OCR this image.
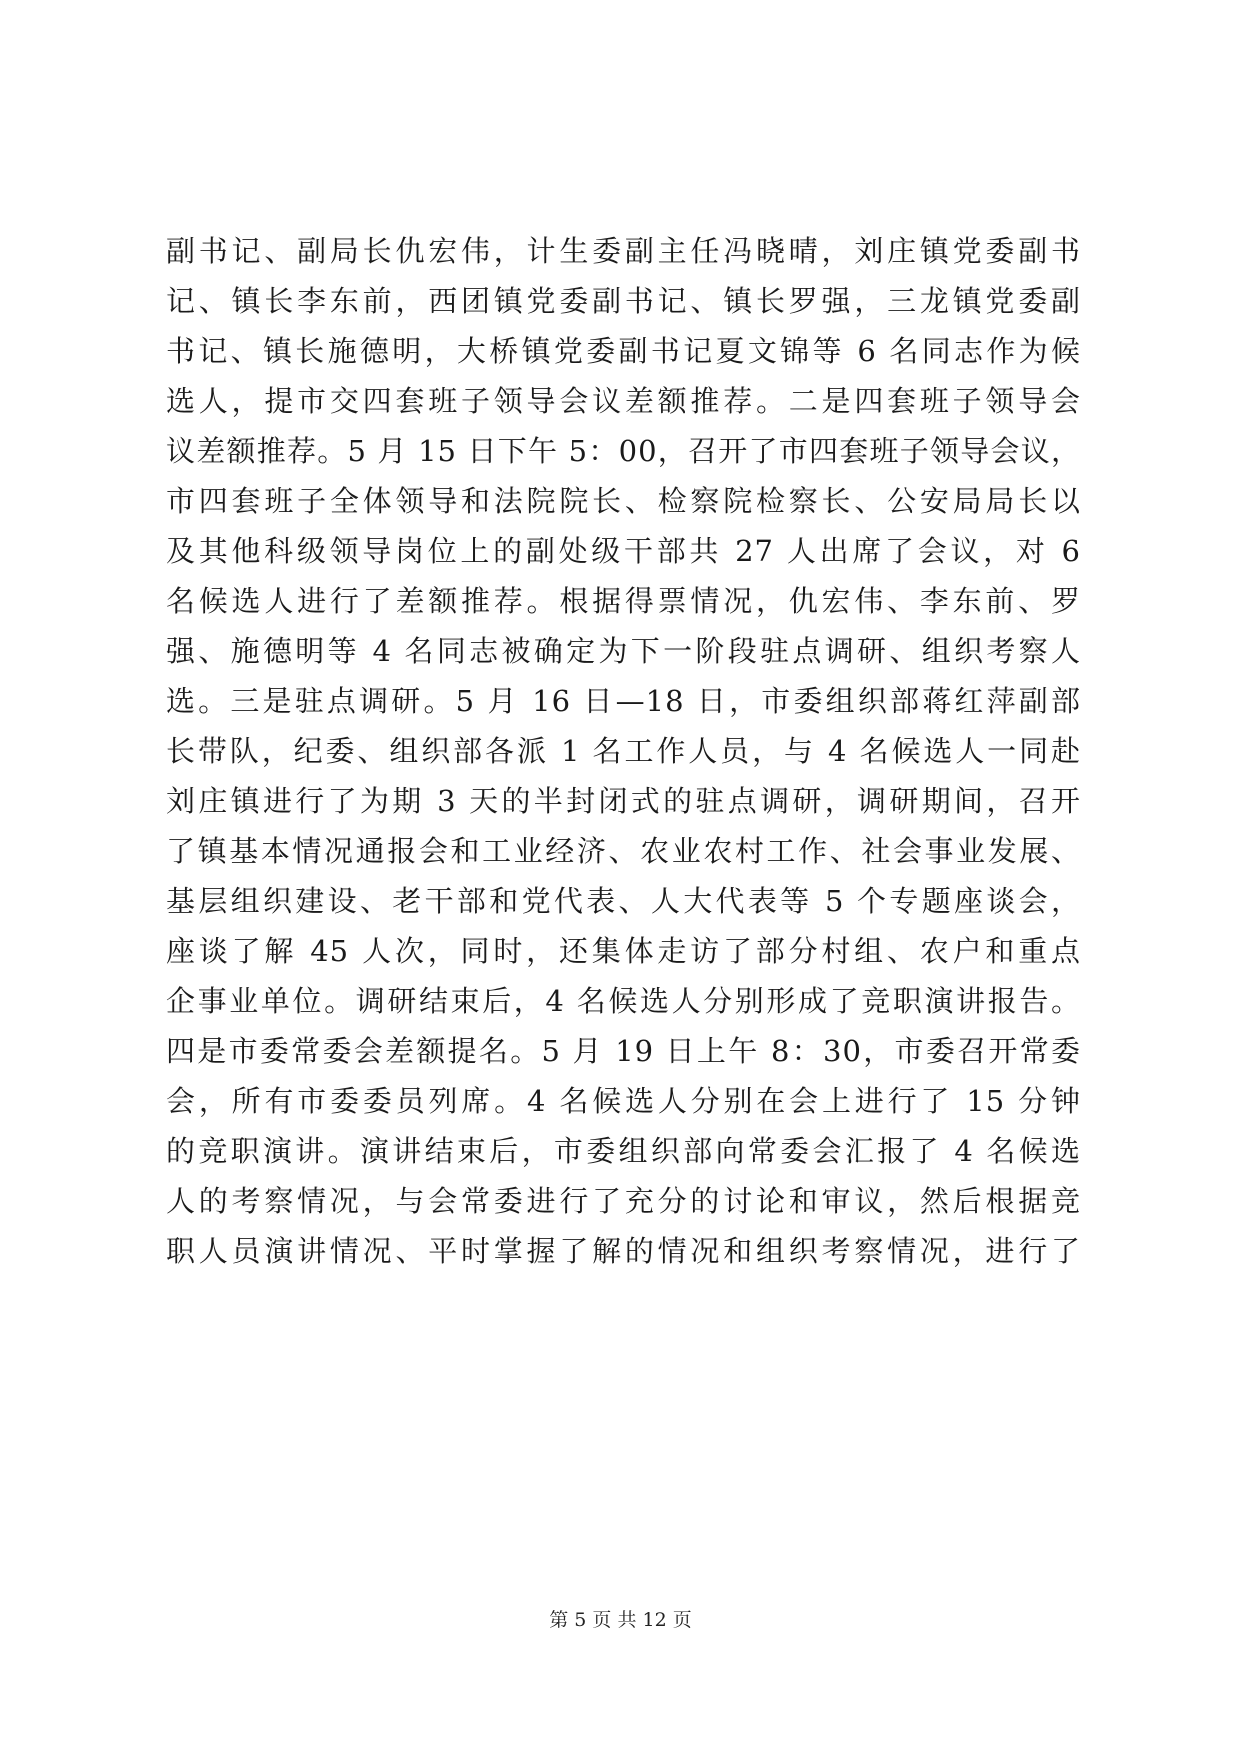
副书记、副局长仇宏伟，计生委副主任冯晓晴，刘庄镇党委副书
记、镇长李东前，西团镇党委副书记、镇长罗强，三龙镇党委副
书记、镇长施德明，大桥镇党委副书记夏文锦等 6 名同志作为候
选人，提市交四套班子领导会议差额推荐。二是四套班子领导会
议差额推荐。5 月 15 日下午 5：00，召开了市四套班子领导会议，
市四套班子全体领导和法院院长、检察院检察长、公安局局长以
及其他科级领导岗位上的副处级干部共 27 人出席了会议，对 6
名候选人进行了差额推荐。根据得票情况，仇宏伟、李东前、罗
强、施德明等 4 名同志被确定为下一阶段驻点调研、组织考察人
选。三是驻点调研。5 月 16 日—18 日，市委组织部蒋红萍副部
长带队，纪委、组织部各派 1 名工作人员，与 4 名候选人一同赴
刘庄镇进行了为期 3 天的半封闭式的驻点调研，调研期间，召开
了镇基本情况通报会和工业经济、农业农村工作、社会事业发展、
基层组织建设、老干部和党代表、人大代表等 5 个专题座谈会，
座谈了解 45 人次，同时，还集体走访了部分村组、农户和重点
企事业单位。调研结束后，4 名候选人分别形成了竞职演讲报告。
四是市委常委会差额提名。5 月 19 日上午 8：30，市委召开常委
会，所有市委委员列席。4 名候选人分别在会上进行了 15 分钟
的竞职演讲。演讲结束后，市委组织部向常委会汇报了 4 名候选
人的考察情况，与会常委进行了充分的讨论和审议，然后根据竞
职人员演讲情况、平时掌握了解的情况和组织考察情况，进行了
第 5 页 共 12 页
